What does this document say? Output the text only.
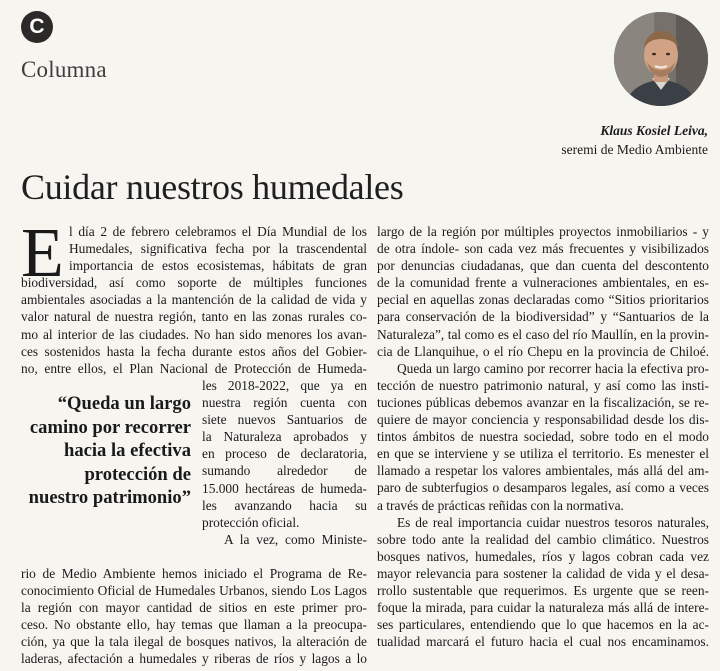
C
Columna
Klaus Kosiel Leiva,
seremi de Medio Ambiente
Cuidar nuestros humedales
E l día 2 de febrero celebramos el Día Mundial de los
Humedales, significativa fecha por la trascendental
importancia de estos ecosistemas, hábitats de gran
biodiversidad, así como soporte de múltiples funciones
ambientales asociadas a la mantención de la calidad de vida y
valor natural de nuestra región, tanto en las zonas rurales co-
mo al interior de las ciudades. No han sido menores los avan-
ces sostenidos hasta la fecha durante estos años del Gobier-
no, entre ellos, el Plan Nacional de Protección de Humeda-
“Queda un largo camino por recorrer hacia la efectiva protección de nuestro patrimonio”
les 2018-2022, que ya en
nuestra región cuenta con
siete nuevos Santuarios de
la Naturaleza aprobados y
en proceso de declaratoria,
sumando alrededor de
15.000 hectáreas de humeda-
les avanzando hacia su
protección oficial.
A la vez, como Ministe-
rio de Medio Ambiente hemos iniciado el Programa de Re-
conocimiento Oficial de Humedales Urbanos, siendo Los Lagos
la región con mayor cantidad de sitios en este primer pro-
ceso. No obstante ello, hay temas que llaman a la preocupa-
ción, ya que la tala ilegal de bosques nativos, la alteración de
laderas, afectación a humedales y riberas de ríos y lagos a lo
largo de la región por múltiples proyectos inmobiliarios - y
de otra índole- son cada vez más frecuentes y visibilizados
por denuncias ciudadanas, que dan cuenta del descontento
de la comunidad frente a vulneraciones ambientales, en es-
pecial en aquellas zonas declaradas como “Sitios prioritarios
para conservación de la biodiversidad” y “Santuarios de la
Naturaleza”, tal como es el caso del río Maullín, en la provin-
cia de Llanquihue, o el río Chepu en la provincia de Chiloé.
Queda un largo camino por recorrer hacia la efectiva pro-
tección de nuestro patrimonio natural, y así como las insti-
tuciones públicas debemos avanzar en la fiscalización, se re-
quiere de mayor conciencia y responsabilidad desde los dis-
tintos ámbitos de nuestra sociedad, sobre todo en el modo
en que se interviene y se utiliza el territorio. Es menester el
llamado a respetar los valores ambientales, más allá del am-
paro de subterfugios o desamparos legales, así como a veces
a través de prácticas reñidas con la normativa.
Es de real importancia cuidar nuestros tesoros naturales,
sobre todo ante la realidad del cambio climático. Nuestros
bosques nativos, humedales, ríos y lagos cobran cada vez
mayor relevancia para sostener la calidad de vida y el desa-
rrollo sustentable que requerimos. Es urgente que se reen-
foque la mirada, para cuidar la naturaleza más allá de intere-
ses particulares, entendiendo que lo que hacemos en la ac-
tualidad marcará el futuro hacia el cual nos encaminamos.
